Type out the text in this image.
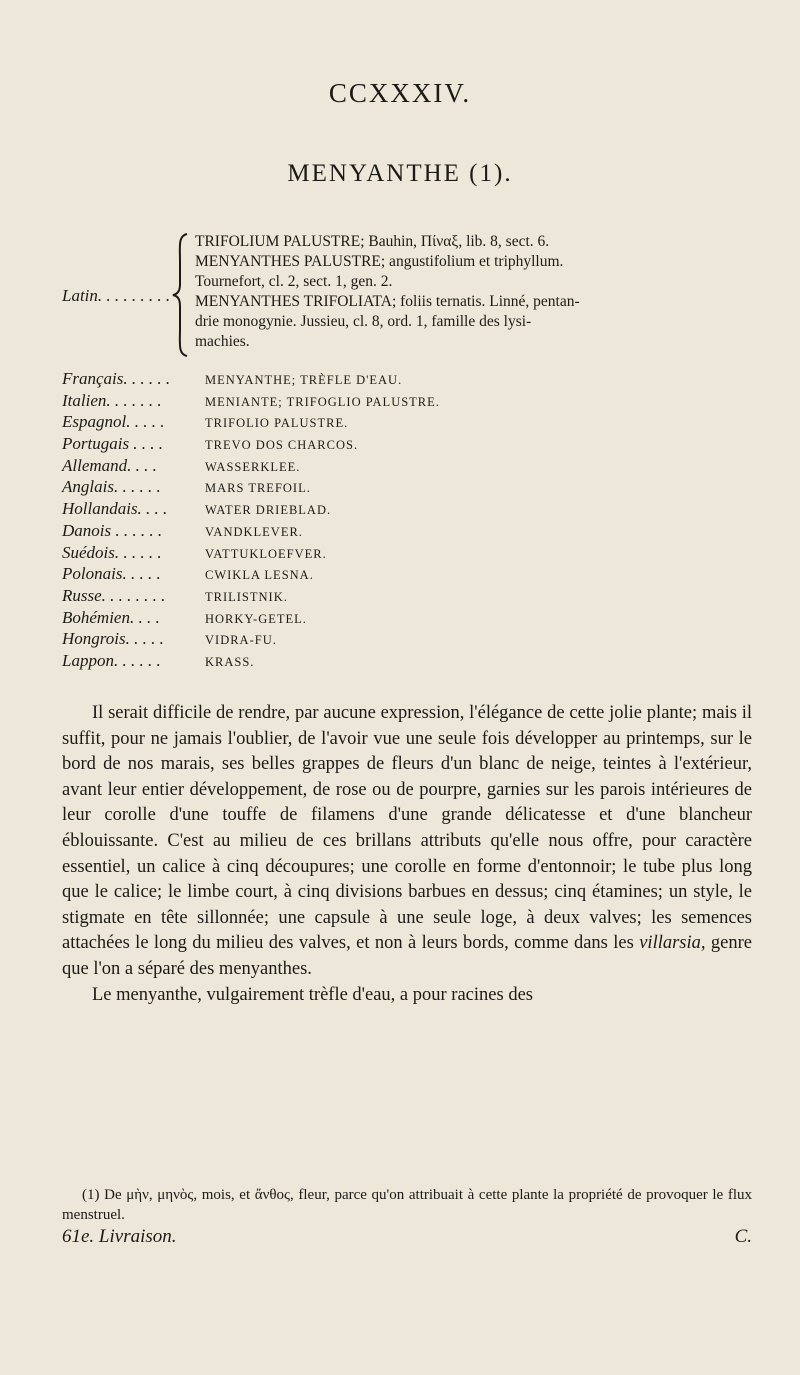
CCXXXIV.
MENYANTHE (1).
Latin. . . . . . . . .
TRIFOLIUM PALUSTRE; Bauhin, Πίναξ, lib. 8, sect. 6.
MENYANTHES PALUSTRE; angustifolium et triphyllum.
Tournefort, cl. 2, sect. 1, gen. 2.
MENYANTHES TRIFOLIATA; foliis ternatis. Linné, pentan-
drie monogynie. Jussieu, cl. 8, ord. 1, famille des lysi-
machies.
Français. . . . . .	MENYANTHE; TRÈFLE D'EAU.
Italien. . . . . . .	MENIANTE; TRIFOGLIO PALUSTRE.
Espagnol. . . . .	TRIFOLIO PALUSTRE.
Portugais . . . .	TREVO DOS CHARCOS.
Allemand. . . .	WASSERKLEE.
Anglais. . . . . .	MARS TREFOIL.
Hollandais. . . .	WATER DRIEBLAD.
Danois . . . . . .	VANDKLEVER.
Suédois. . . . . .	VATTUKLOEFVER.
Polonais. . . . .	CWIKLA LESNA.
Russe. . . . . . . .	TRILISTNIK.
Bohémien. . . .	HORKY-GETEL.
Hongrois. . . . .	VIDRA-FU.
Lappon. . . . . .	KRASS.

Il serait difficile de rendre, par aucune expression, l'élégance de cette jolie plante; mais il suffit, pour ne jamais l'oublier, de l'avoir vue une seule fois développer au printemps, sur le bord de nos marais, ses belles grappes de fleurs d'un blanc de neige, teintes à l'extérieur, avant leur entier développement, de rose ou de pourpre, garnies sur les parois intérieures de leur corolle d'une touffe de filamens d'une grande délicatesse et d'une blancheur éblouissante. C'est au milieu de ces brillans attributs qu'elle nous offre, pour caractère essentiel, un calice à cinq découpures; une corolle en forme d'entonnoir; le tube plus long que le calice; le limbe court, à cinq divisions barbues en dessus; cinq étamines; un style, le stigmate en tête sillonnée; une capsule à une seule loge, à deux valves; les semences attachées le long du milieu des valves, et non à leurs bords, comme dans les villarsia, genre que l'on a séparé des menyanthes.

Le menyanthe, vulgairement trèfle d'eau, a pour racines des

(1) De μὴν, μηνὸς, mois, et ἄνθος, fleur, parce qu'on attribuait à cette plante la propriété de provoquer le flux menstruel.

61e. Livraison.	C.
